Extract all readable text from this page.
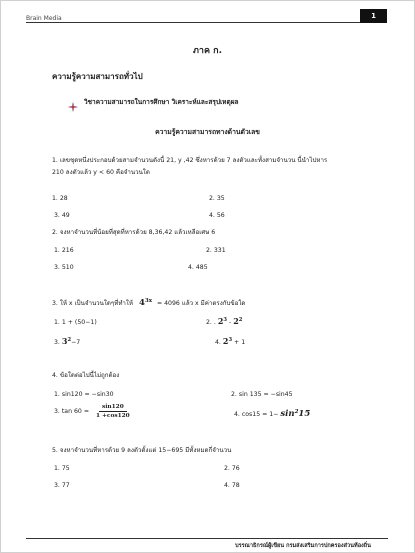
Brain Media	1
ภาค ก.
ความรู้ความสามารถทั่วไป
วิชาความสามารถในการศึกษา วิเคราะห์และสรุปเหตุผล
ความรู้ความสามารถทางด้านตัวเลข
1. เลขชุดหนึ่งประกอบด้วยสามจำนวนดังนี้ 21, y ,42 ซึ่งหารด้วย 7 ลงตัวและทั้งสามจำนวน นี้นำไปหาร
210 ลงตัวแล้ว y < 60 คือจำนวนใด
1. 28	2. 35
3. 49	4. 56
2. จงหาจำนวนที่น้อยที่สุดที่หารด้วย 8,36,42 แล้วเหลือเศษ 6
1. 216	2. 331
3. 510	4. 485
3. ให้ x เป็นจำนวนใดๆที่ทำให้ $4^{3x} = 4096$ แล้ว x มีค่าตรงกับข้อใด
1. 1 + (50−1)	2. . $2^3 - 2^2$
3. $3^2-7$	4. $2^3 + 1$
4. ข้อใดต่อไปนี้ไม่ถูกต้อง
1. sin120 = −sin30	2. sin 135 = −sin45
3. $\tan 60 = \frac{\sin 120}{1 +\cos 120}$	4. $\cos 15 = 1- \sin^215$
5. จงหาจำนวนที่หารด้วย 9 ลงตัวตั้งแต่ 15−695 มีทั้งหมดกี่จำนวน
1. 75	2. 76
3. 77	4. 78
บรรณาธิกรณ์ผู้เขียน กรมส่งเสริมการปกครองส่วนท้องถิ่น
